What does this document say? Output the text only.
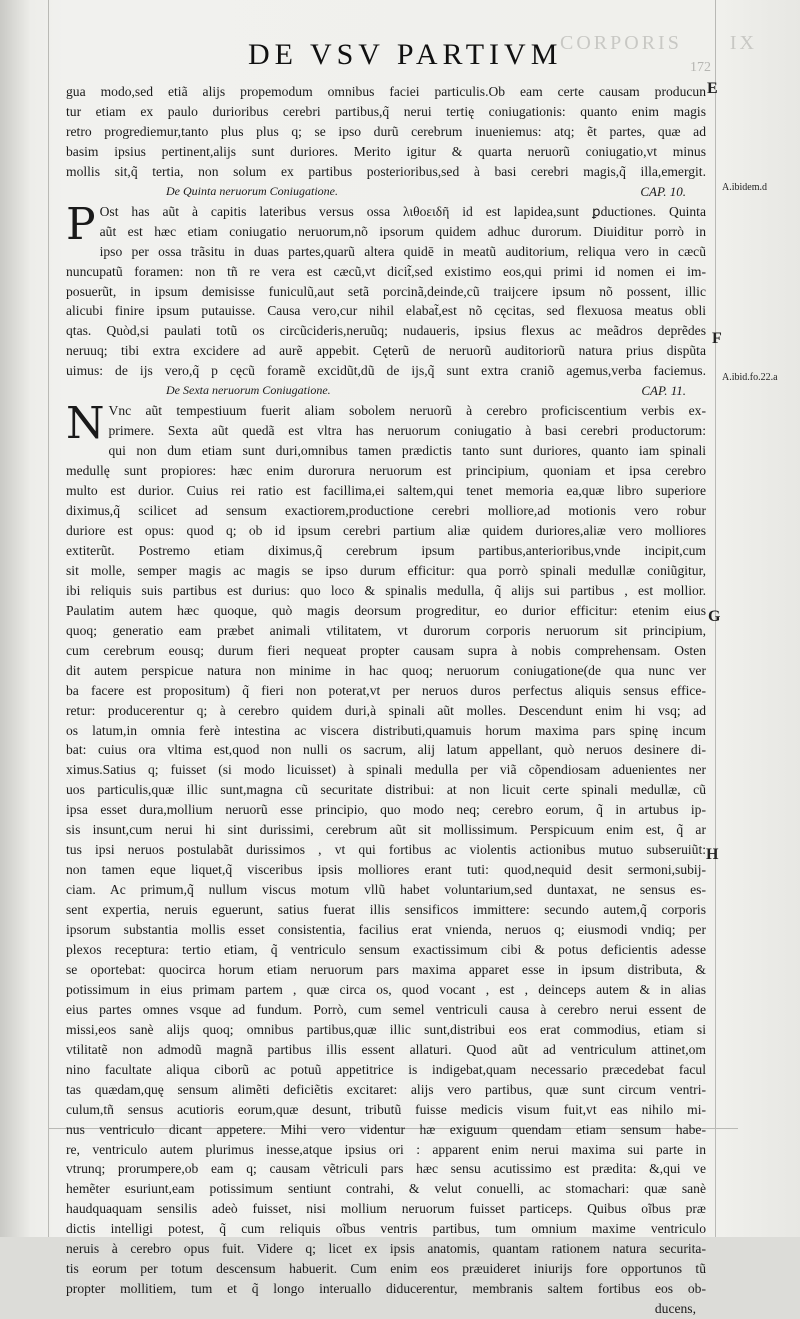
CORPORIS IX
DE VSV PARTIVM	172
gua modo,sed etiã alijs propemodum omnibus faciei particulis.Ob eam certe causam producun
tur etiam ex paulo durioribus cerebri partibus,q̃ nerui tertię coniugationis: quanto enim magis
retro progrediemur,tanto plus plus q; se ipso durũ cerebrum inueniemus: atq; ẽt partes, quæ ad
basim ipsius pertinent,alijs sunt duriores. Merito igitur & quarta neruorũ coniugatio,vt minus
mollis sit,q̃ tertia, non solum ex partibus posterioribus,sed à basi cerebri magis,q̃ illa,emergit.

De Quinta neruorum Coniugatione.	CAP. 10.
P Ost has aũt à capitis lateribus versus ossa λιθοειδῆ id est lapidea,sunt ꝑductiones. Quinta
aũt est hæc etiam coniugatio neruorum,nõ ipsorum quidem adhuc durorum. Diuiditur porrò in
ipso per ossa trãsitu in duas partes,quarũ altera quidē in meatũ auditorium, reliqua vero in cæcũ
nuncupatũ foramen: non tñ re vera est cæcũ,vt dicit̃,sed existimo eos,qui primi id nomen ei im-
posuerũt, in ipsum demisisse funiculũ,aut setã porcinã,deinde,cũ traijcere ipsum nõ possent, illic
alicubi finire ipsum putauisse. Causa vero,cur nihil elabat̃,est nõ cęcitas, sed flexuosa meatus obli
qtas. Quòd,si paulati totũ os circũcideris,neruũq; nudaueris, ipsius flexus ac meãdros deprẽdes
neruuq; tibi extra excidere ad aurẽ appebit. Cęterũ de neruorũ auditoriorũ natura prius dispũta
uimus: de ijs vero,q̃ p cęcũ foramẽ excidũt,dũ de ijs,q̃ sunt extra craniõ agemus,verba faciemus.

De Sexta neruorum Coniugatione.	CAP. 11.
N Vnc aũt tempestiuum fuerit aliam sobolem neruorũ à cerebro proficiscentium verbis ex-
primere. Sexta aũt quedã est vltra has neruorum coniugatio à basi cerebri productorum:
qui non dum etiam sunt duri,omnibus tamen prædictis tanto sunt duriores, quanto iam spinali
medullę sunt propiores: hæc enim durorura neruorum est principium, quoniam et ipsa cerebro
multo est durior. Cuius rei ratio est facillima,ei saltem,qui tenet memoria ea,quæ libro superiore
diximus,q̃ scilicet ad sensum exactiorem,productione cerebri molliore,ad motionis vero robur
duriore est opus: quod q; ob id ipsum cerebri partium aliæ quidem duriores,aliæ vero molliores
extiterũt. Postremo etiam diximus,q̃ cerebrum ipsum partibus,anterioribus,vnde incipit,cum
sit molle, semper magis ac magis se ipso durum efficitur: qua porrò spinali medullæ coniũgitur,
ibi reliquis suis partibus est durius: quo loco & spinalis medulla, q̃ alijs sui partibus , est mollior.
Paulatim autem hæc quoque, quò magis deorsum progreditur, eo durior efficitur: etenim eius
quoq; generatio eam præbet animali vtilitatem, vt durorum corporis neruorum sit principium,
cum cerebrum eousq; durum fieri nequeat propter causam supra à nobis comprehensam. Osten
dit autem perspicue natura non minime in hac quoq; neruorum coniugatione(de qua nunc ver
ba facere est propositum) q̃ fieri non poterat,vt per neruos duros perfectus aliquis sensus effice-
retur: producerentur q; à cerebro quidem duri,à spinali aũt molles. Descendunt enim hi vsq; ad
os latum,in omnia ferè intestina ac viscera distributi,quamuis horum maxima pars spinę incum
bat: cuius ora vltima est,quod non nulli os sacrum, alij latum appellant, quò neruos desinere di-
ximus.Satius q; fuisset (si modo licuisset) à spinali medulla per viã cõpendiosam aduenientes ner
uos particulis,quæ illic sunt,magna cũ securitate distribui: at non licuit certe spinali medullæ, cũ
ipsa esset dura,mollium neruorũ esse principio, quo modo neq; cerebro eorum, q̃ in artubus ip-
sis insunt,cum nerui hi sint durissimi, cerebrum aũt sit mollissimum. Perspicuum enim est, q̃ ar
tus ipsi neruos postulabãt durissimos , vt qui fortibus ac violentis actionibus mutuo subseruiũt:
non tamen eque liquet,q̃ visceribus ipsis molliores erant tuti: quod,nequid desit sermoni,subij-
ciam. Ac primum,q̃ nullum viscus motum vllũ habet voluntarium,sed duntaxat, ne sensus es-
sent expertia, neruis eguerunt, satius fuerat illis sensificos immittere: secundo autem,q̃ corporis
ipsorum substantia mollis esset consistentia, facilius erat vnienda, neruos q; eiusmodi vndiq; per
plexos receptura: tertio etiam, q̃ ventriculo sensum exactissimum cibi & potus deficientis adesse
se oportebat: quocirca horum etiam neruorum pars maxima apparet esse in ipsum distributa, &
potissimum in eius primam partem , quæ circa os, quod vocant , est , deinceps autem & in alias
eius partes omnes vsque ad fundum. Porrò, cum semel ventriculi causa à cerebro nerui essent de
missi,eos sanè alijs quoq; omnibus partibus,quæ illic sunt,distribui eos erat commodius, etiam si
vtilitatẽ non admodũ magnã partibus illis essent allaturi. Quod aũt ad ventriculum attinet,om
nino facultate aliqua ciborũ ac potuũ appetitrice is indigebat,quam necessario præcedebat facul
tas quædam,quę sensum alimẽti deficiẽtis excitaret: alijs vero partibus, quæ sunt circum ventri-
culum,tñ sensus acutioris eorum,quæ desunt, tributũ fuisse medicis visum fuit,vt eas nihilo mi-
nus ventriculo dicant appetere. Mihi vero videntur hæ exiguum quendam etiam sensum habe-
re, ventriculo autem plurimus inesse,atque ipsius ori : apparent enim nerui maxima sui parte in
vtrunq; prorumpere,ob eam q; causam vẽtriculi pars hæc sensu acutissimo est prædita: &,qui ve
hemẽter esuriunt,eam potissimum sentiunt contrahi, & velut conuelli, ac stomachari: quæ sanè
haudquaquam sensilis adeò fuisset, nisi mollium neruorum fuisset particeps. Quibus oĩbus præ
dictis intelligi potest, q̃ cum reliquis oĩbus ventris partibus, tum omnium maxime ventriculo
neruis à cerebro opus fuit. Videre q; licet ex ipsis anatomis, quantam rationem natura securita-
tis eorum per totum descensum habuerit. Cum enim eos præuideret iniurijs fore opportunos tũ
propter mollitiem, tum et q̃ longo interuallo diducerentur, membranis saltem fortibus eos ob-
ducens,
E
F
G
H
A.ibidem.d
A.ibid.fo.22.a
